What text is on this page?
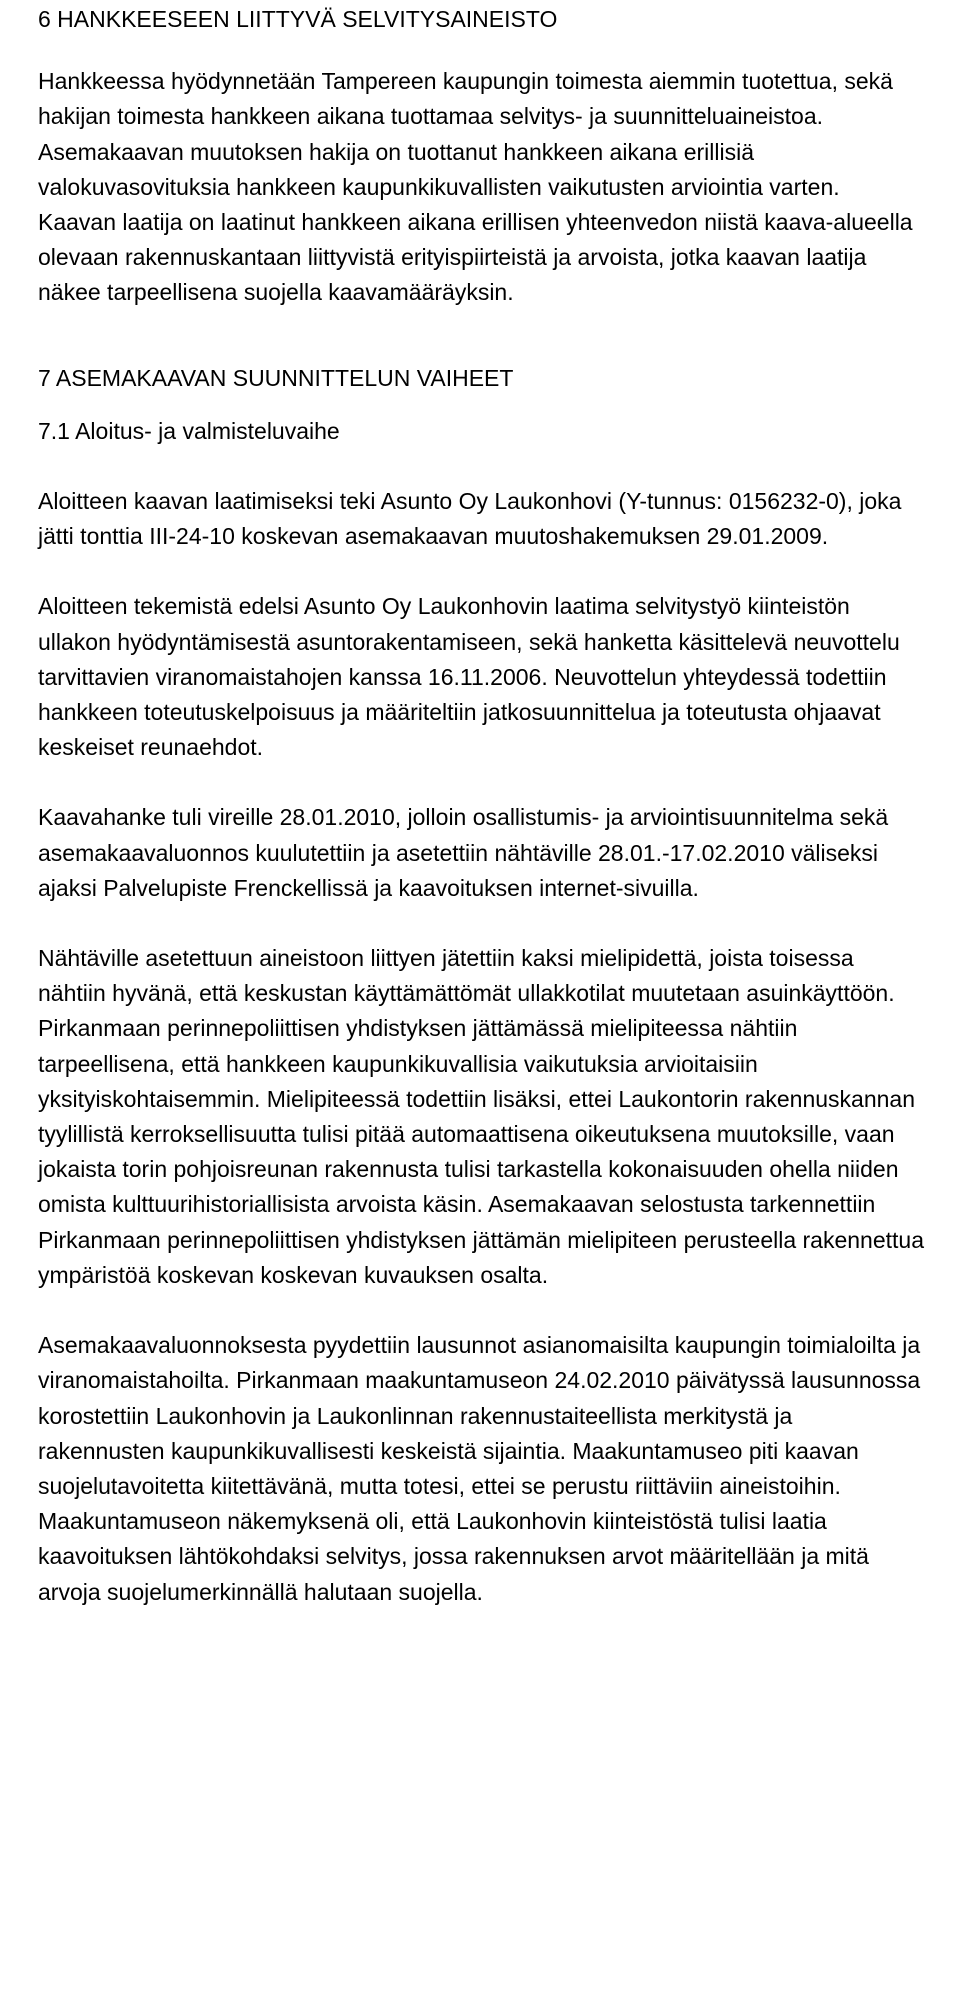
6 HANKKEESEEN LIITTYVÄ SELVITYSAINEISTO

Hankkeessa hyödynnetään Tampereen kaupungin toimesta aiemmin tuotettua, sekä hakijan toimesta hankkeen aikana tuottamaa selvitys- ja suunnitteluaineistoa. Asemakaavan muutoksen hakija on tuottanut hankkeen aikana erillisiä valokuvasovituksia hankkeen kaupunkikuvallisten vaikutusten arviointia varten. Kaavan laatija on laatinut hankkeen aikana erillisen yhteenvedon niistä kaava-alueella olevaan rakennuskantaan liittyvistä erityispiirteistä ja arvoista, jotka kaavan laatija näkee tarpeellisena suojella kaavamääräyksin.

7 ASEMAKAAVAN SUUNNITTELUN VAIHEET
7.1 Aloitus- ja valmisteluvaihe

Aloitteen kaavan laatimiseksi teki Asunto Oy Laukonhovi (Y-tunnus: 0156232-0), joka jätti tonttia III-24-10 koskevan asemakaavan muutoshakemuksen 29.01.2009.

Aloitteen tekemistä edelsi Asunto Oy Laukonhovin laatima selvitystyö kiinteistön ullakon hyödyntämisestä asuntorakentamiseen, sekä hanketta käsittelevä neuvottelu tarvittavien viranomaistahojen kanssa 16.11.2006. Neuvottelun yhteydessä todettiin hankkeen toteutuskelpoisuus ja määriteltiin jatkosuunnittelua ja toteutusta ohjaavat keskeiset reunaehdot.

Kaavahanke tuli vireille 28.01.2010, jolloin osallistumis- ja arviointisuunnitelma sekä asemakaavaluonnos kuulutettiin ja asetettiin nähtäville 28.01.-17.02.2010 väliseksi ajaksi Palvelupiste Frenckellissä ja kaavoituksen internet-sivuilla.

Nähtäville asetettuun aineistoon liittyen jätettiin kaksi mielipidettä, joista toisessa nähtiin hyvänä, että keskustan käyttämättömät ullakkotilat muutetaan asuinkäyttöön. Pirkanmaan perinnepoliittisen yhdistyksen jättämässä mielipiteessa nähtiin tarpeellisena, että hankkeen kaupunkikuvallisia vaikutuksia arvioitaisiin yksityiskohtaisemmin. Mielipiteessä todettiin lisäksi, ettei Laukontorin rakennuskannan tyylillistä kerroksellisuutta tulisi pitää automaattisena oikeutuksena muutoksille, vaan jokaista torin pohjoisreunan rakennusta tulisi tarkastella kokonaisuuden ohella niiden omista kulttuurihistoriallisista arvoista käsin. Asemakaavan selostusta tarkennettiin Pirkanmaan perinnepoliittisen yhdistyksen jättämän mielipiteen perusteella rakennettua ympäristöä koskevan koskevan kuvauksen osalta.

Asemakaavaluonnoksesta pyydettiin lausunnot asianomaisilta kaupungin toimialoilta ja viranomaistahoilta. Pirkanmaan maakuntamuseon 24.02.2010 päivätyssä lausunnossa korostettiin Laukonhovin ja Laukonlinnan rakennustaiteellista merkitystä ja rakennusten kaupunkikuvallisesti keskeistä sijaintia. Maakuntamuseo piti kaavan suojelutavoitetta kiitettävänä, mutta totesi, ettei se perustu riittäviin aineistoihin. Maakuntamuseon näkemyksenä oli, että Laukonhovin kiinteistöstä tulisi laatia kaavoituksen lähtökohdaksi selvitys, jossa rakennuksen arvot määritellään ja mitä arvoja suojelumerkinnällä halutaan suojella.
